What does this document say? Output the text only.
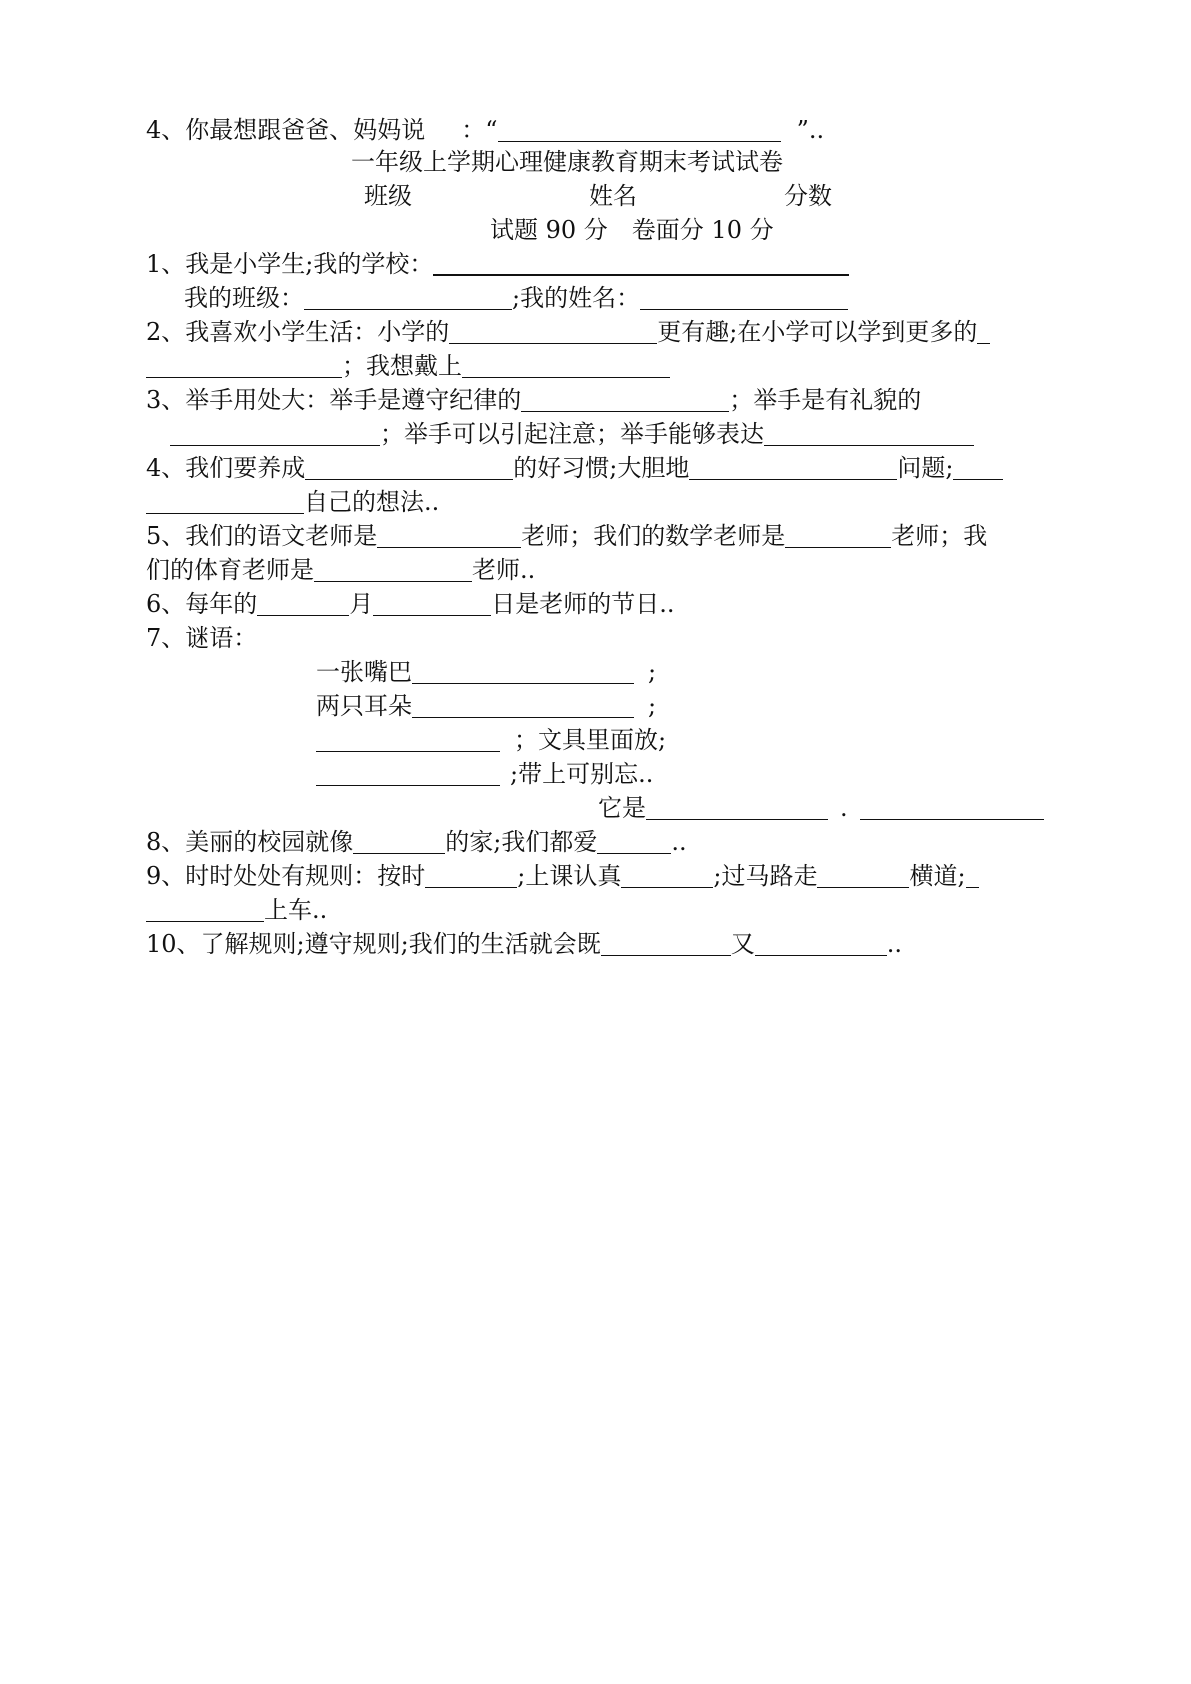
4、你最想跟爸爸、妈妈说 ：“	”..
一年级上学期心理健康教育期末考试试卷
班级	姓名	分数
试题 90 分　卷面分 10 分
1、我是小学生;我的学校：
我的班级：	;我的姓名：
2、我喜欢小学生活：小学的	更有趣;在小学可以学到更多的
；我想戴上
3、举手用处大：举手是遵守纪律的	；举手是有礼貌的
；举手可以引起注意；举手能够表达
4、我们要养成	的好习惯;大胆地	问题;
自己的想法..
5、我们的语文老师是	老师；我们的数学老师是	老师；我
们的体育老师是	老师..
6、每年的	月	日是老师的节日..
7、谜语：
一张嘴巴	;
两只耳朵	;
；文具里面放;
;带上可别忘..
它是	.
8、美丽的校园就像	的家;我们都爱	..
9、时时处处有规则：按时	;上课认真	;过马路走	横道;
上车..
10、了解规则;遵守规则;我们的生活就会既	又	..
